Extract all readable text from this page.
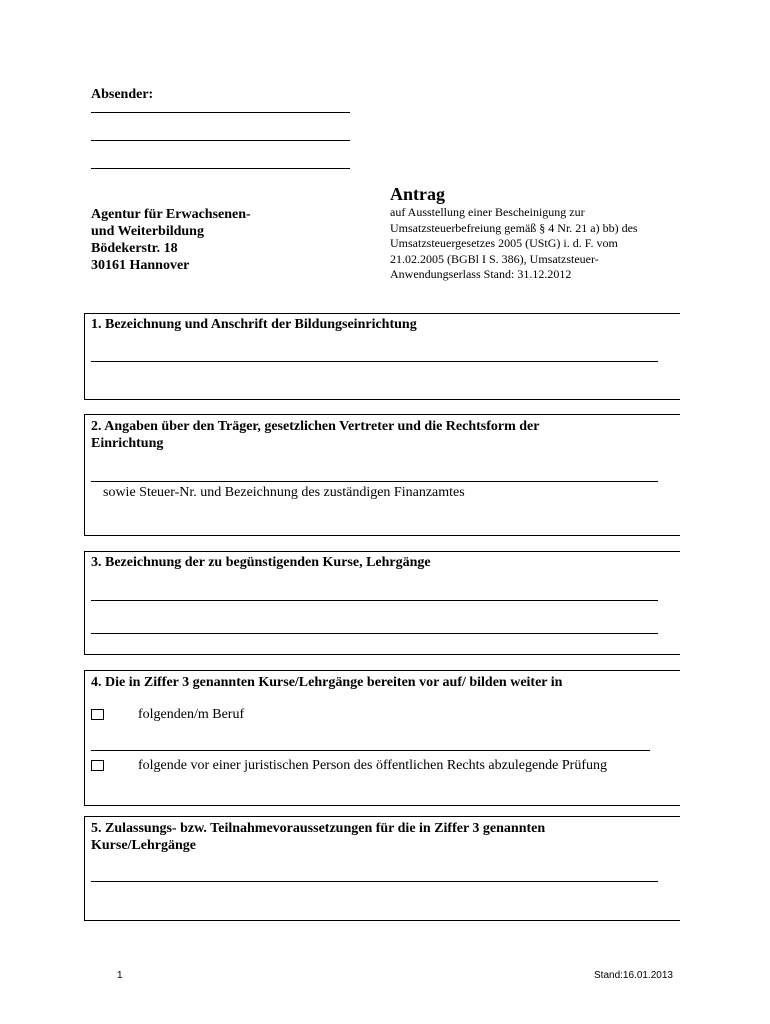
Absender:
Agentur für Erwachsenen-
und Weiterbildung
Bödekerstr. 18
30161 Hannover
Antrag
auf Ausstellung einer Bescheinigung zur
Umsatzsteuerbefreiung gemäß § 4 Nr. 21 a) bb) des
Umsatzsteuergesetzes 2005 (UStG) i. d. F. vom
21.02.2005 (BGBl I S. 386), Umsatzsteuer-
Anwendungserlass Stand: 31.12.2012
1. Bezeichnung und Anschrift der Bildungseinrichtung
2. Angaben über den Träger, gesetzlichen Vertreter und die Rechtsform der
Einrichtung
sowie Steuer-Nr. und Bezeichnung des zuständigen Finanzamtes
3. Bezeichnung der zu begünstigenden Kurse, Lehrgänge
4. Die in Ziffer 3 genannten Kurse/Lehrgänge bereiten vor auf/ bilden weiter in
folgenden/m Beruf
folgende vor einer juristischen Person des öffentlichen Rechts abzulegende Prüfung
5. Zulassungs- bzw. Teilnahmevoraussetzungen für die in Ziffer 3 genannten
Kurse/Lehrgänge
1	Stand:16.01.2013
